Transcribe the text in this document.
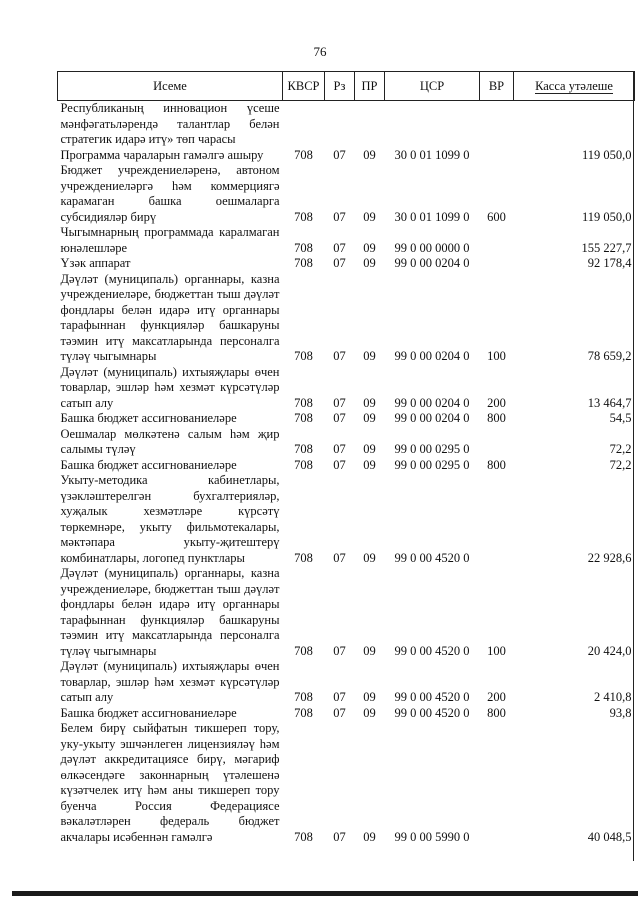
76
Исеме	КВСР	Рз	ПР	ЦСР	ВР	Касса утәлеше
Республиканың инновацион үсеше мәнфәгатьләрендә талантлар белән стратегик идарә итү» төп чарасы						
Программа чараларын гамәлгә ашыру	708	07	09	30 0 01 1099 0		119 050,0
Бюджет учреждениеләренә, автоном учреждениеләргә һәм коммерциягә карамаган башка оешмаларга субсидияләр бирү	708	07	09	30 0 01 1099 0	600	119 050,0
Чыгымнарның программада каралмаган юнәлешләре	708	07	09	99 0 00 0000 0		155 227,7
Үзәк аппарат	708	07	09	99 0 00 0204 0		92 178,4
Дәүләт (муниципаль) органнары, казна учреждениеләре, бюджеттан тыш дәүләт фондлары белән идарә итү органнары тарафыннан функцияләр башкаруны тәэмин итү максатларында персоналга түләү чыгымнары	708	07	09	99 0 00 0204 0	100	78 659,2
Дәүләт (муниципаль) ихтыяҗлары өчен товарлар, эшләр һәм хезмәт күрсәтүләр сатып алу	708	07	09	99 0 00 0204 0	200	13 464,7
Башка бюджет ассигнованиеләре	708	07	09	99 0 00 0204 0	800	54,5
Оешмалар мөлкәтенә салым һәм җир салымы түләү	708	07	09	99 0 00 0295 0		72,2
Башка бюджет ассигнованиеләре	708	07	09	99 0 00 0295 0	800	72,2
Укыту-методика кабинетлары, үзәкләштерелгән бухгалтерияләр, хуҗалык хезмәтләре күрсәтү төркемнәре, укыту фильмотекалары, мәктәпара укыту-җитештерү комбинатлары, логопед пунктлары	708	07	09	99 0 00 4520 0		22 928,6
Дәүләт (муниципаль) органнары, казна учреждениеләре, бюджеттан тыш дәүләт фондлары белән идарә итү органнары тарафыннан функцияләр башкаруны тәэмин итү максатларында персоналга түләү чыгымнары	708	07	09	99 0 00 4520 0	100	20 424,0
Дәүләт (муниципаль) ихтыяҗлары өчен товарлар, эшләр һәм хезмәт күрсәтүләр сатып алу	708	07	09	99 0 00 4520 0	200	2 410,8
Башка бюджет ассигнованиеләре	708	07	09	99 0 00 4520 0	800	93,8
Белем бирү сыйфатын тикшереп тору, уку-укыту эшчәнлеген лицензияләү һәм дәүләт аккредитациясе бирү, мәгариф өлкәсендәге законнарның үтәлешенә күзәтчелек итү һәм аны тикшереп тору буенча Россия Федерациясе вәкаләтләрен федераль бюджет акчалары исәбеннән гамәлгә	708	07	09	99 0 00 5990 0		40 048,5
